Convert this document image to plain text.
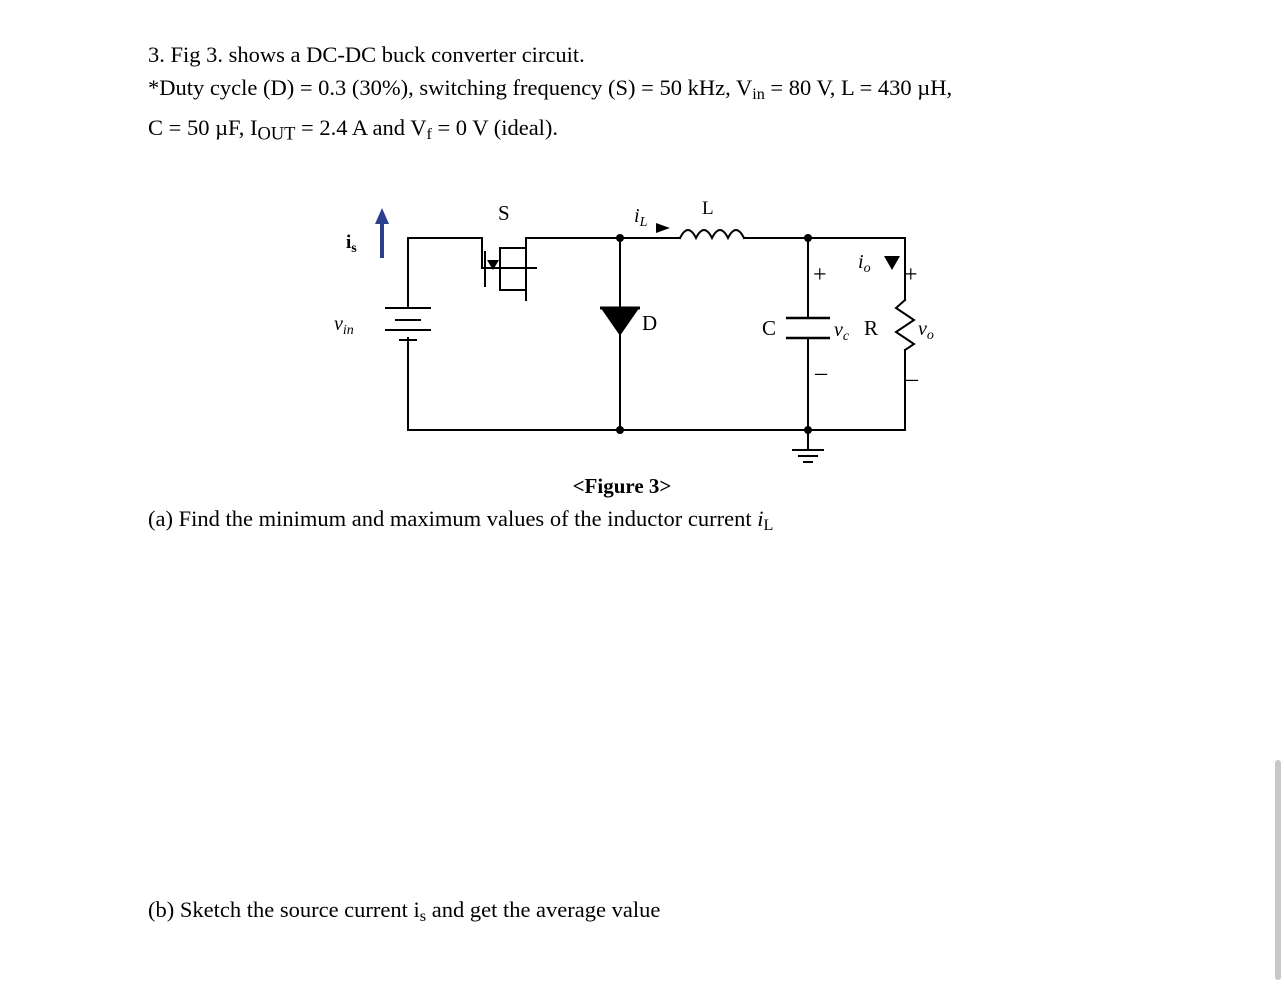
3. Fig 3. shows a DC-DC buck converter circuit.
*Duty cycle (D) = 0.3 (30%), switching frequency (S) = 50 kHz, $V_{in} = 80$ V, L = 430 µH,
C = 50 µF, $I_{OUT} = 2.4$ A and $V_f = 0$ V (ideal).
$i_s$
$v_{in}$
S
D
L
$i_L$
C	$v_c$ R $v_o$
$i_o$
+
–
+
–
<Figure 3>
(a) Find the minimum and maximum values of the inductor current $i_L$
(b) Sketch the source current $i_s$ and get the average value
